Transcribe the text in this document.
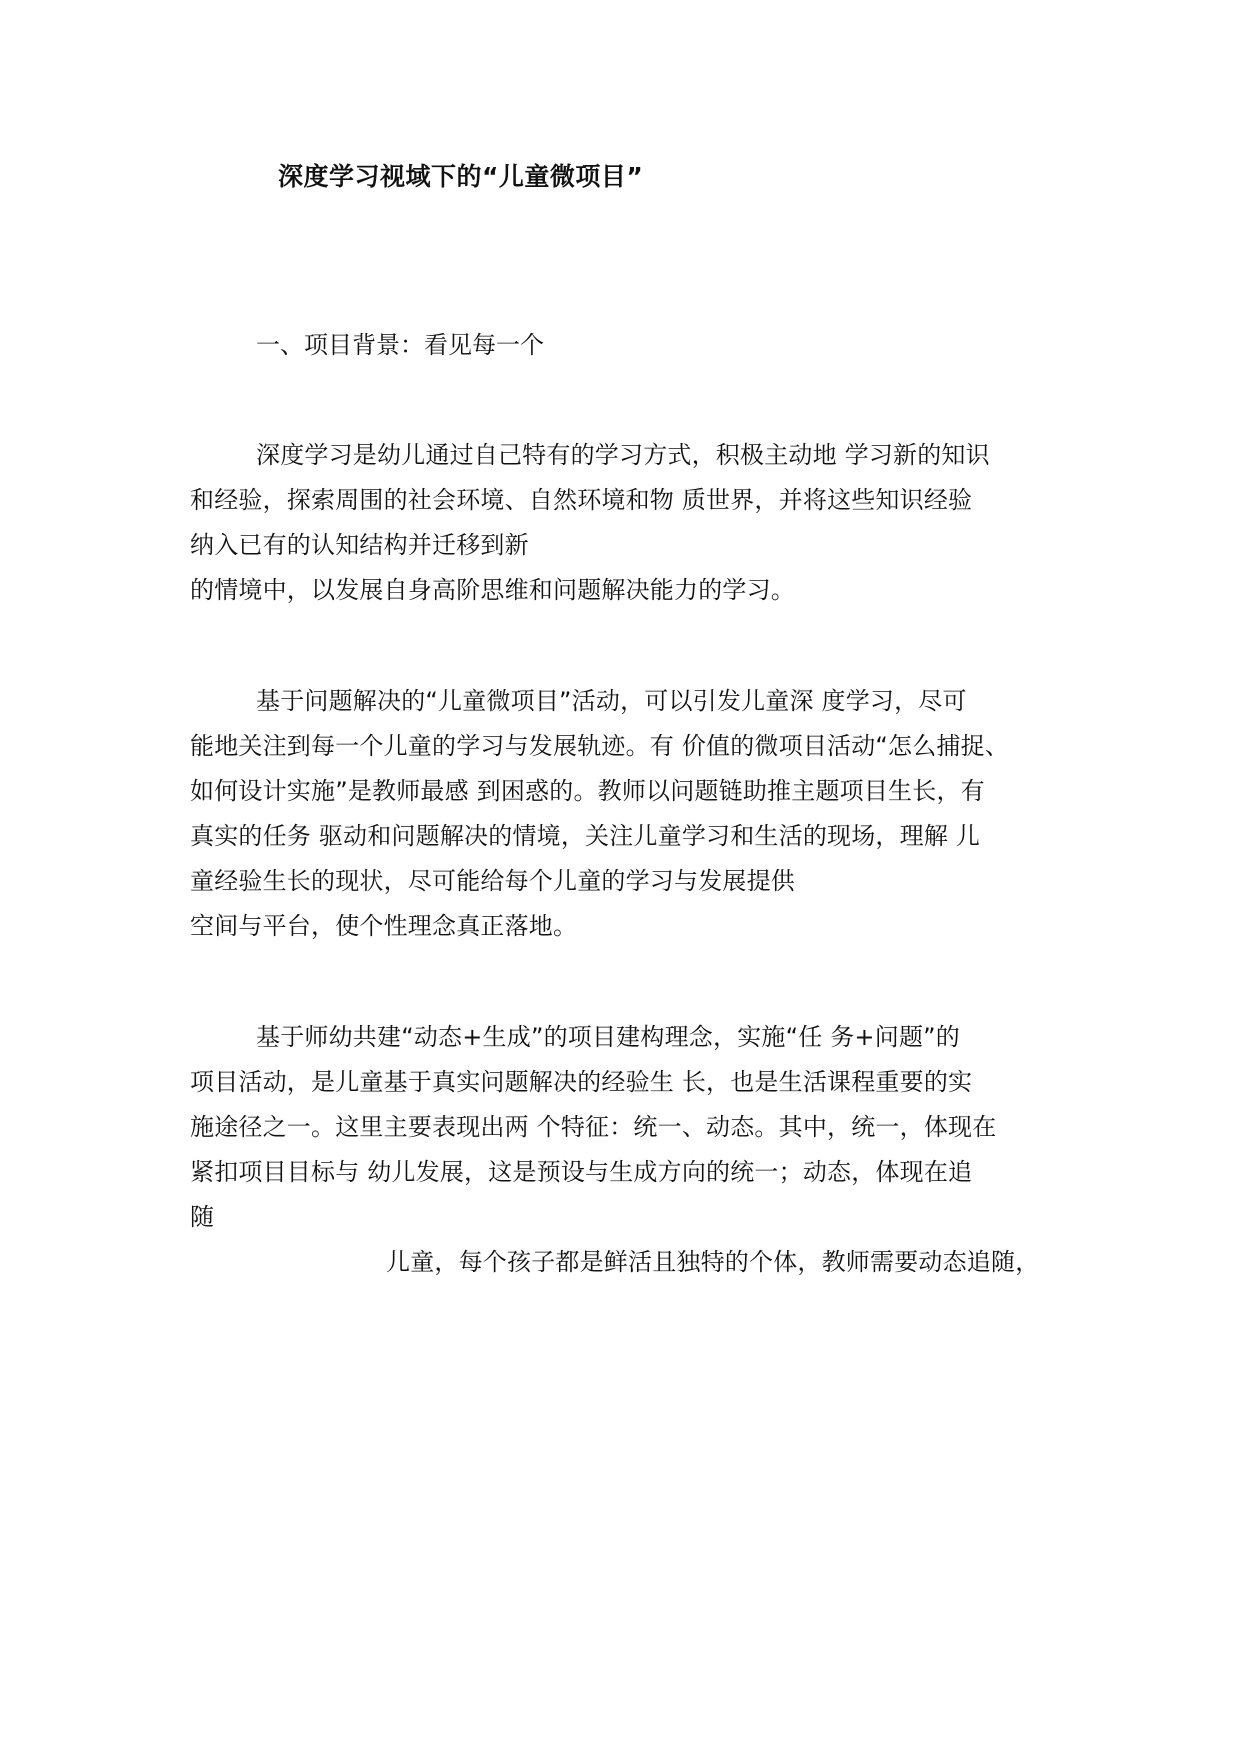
深度学习视域下的“儿童微项目”
一、项目背景：看见每一个
深度学习是幼儿通过自己特有的学习方式，积极主动地 学习新的知识
和经验，探索周围的社会环境、自然环境和物 质世界，并将这些知识经验
纳入已有的认知结构并迁移到新
的情境中，以发展自身高阶思维和问题解决能力的学习。
基于问题解决的“儿童微项目”活动，可以引发儿童深 度学习，尽可
能地关注到每一个儿童的学习与发展轨迹。有 价值的微项目活动“怎么捕捉、
如何设计实施”是教师最感 到困惑的。教师以问题链助推主题项目生长，有
真实的任务 驱动和问题解决的情境，关注儿童学习和生活的现场，理解 儿
童经验生长的现状，尽可能给每个儿童的学习与发展提供
空间与平台，使个性理念真正落地。
基于师幼共建“动态+生成”的项目建构理念，实施“任 务+问题”的
项目活动，是儿童基于真实问题解决的经验生 长，也是生活课程重要的实
施途径之一。这里主要表现出两 个特征：统一、动态。其中，统一，体现在
紧扣项目目标与 幼儿发展，这是预设与生成方向的统一；动态，体现在追
随
儿童，每个孩子都是鲜活且独特的个体，教师需要动态追随，
